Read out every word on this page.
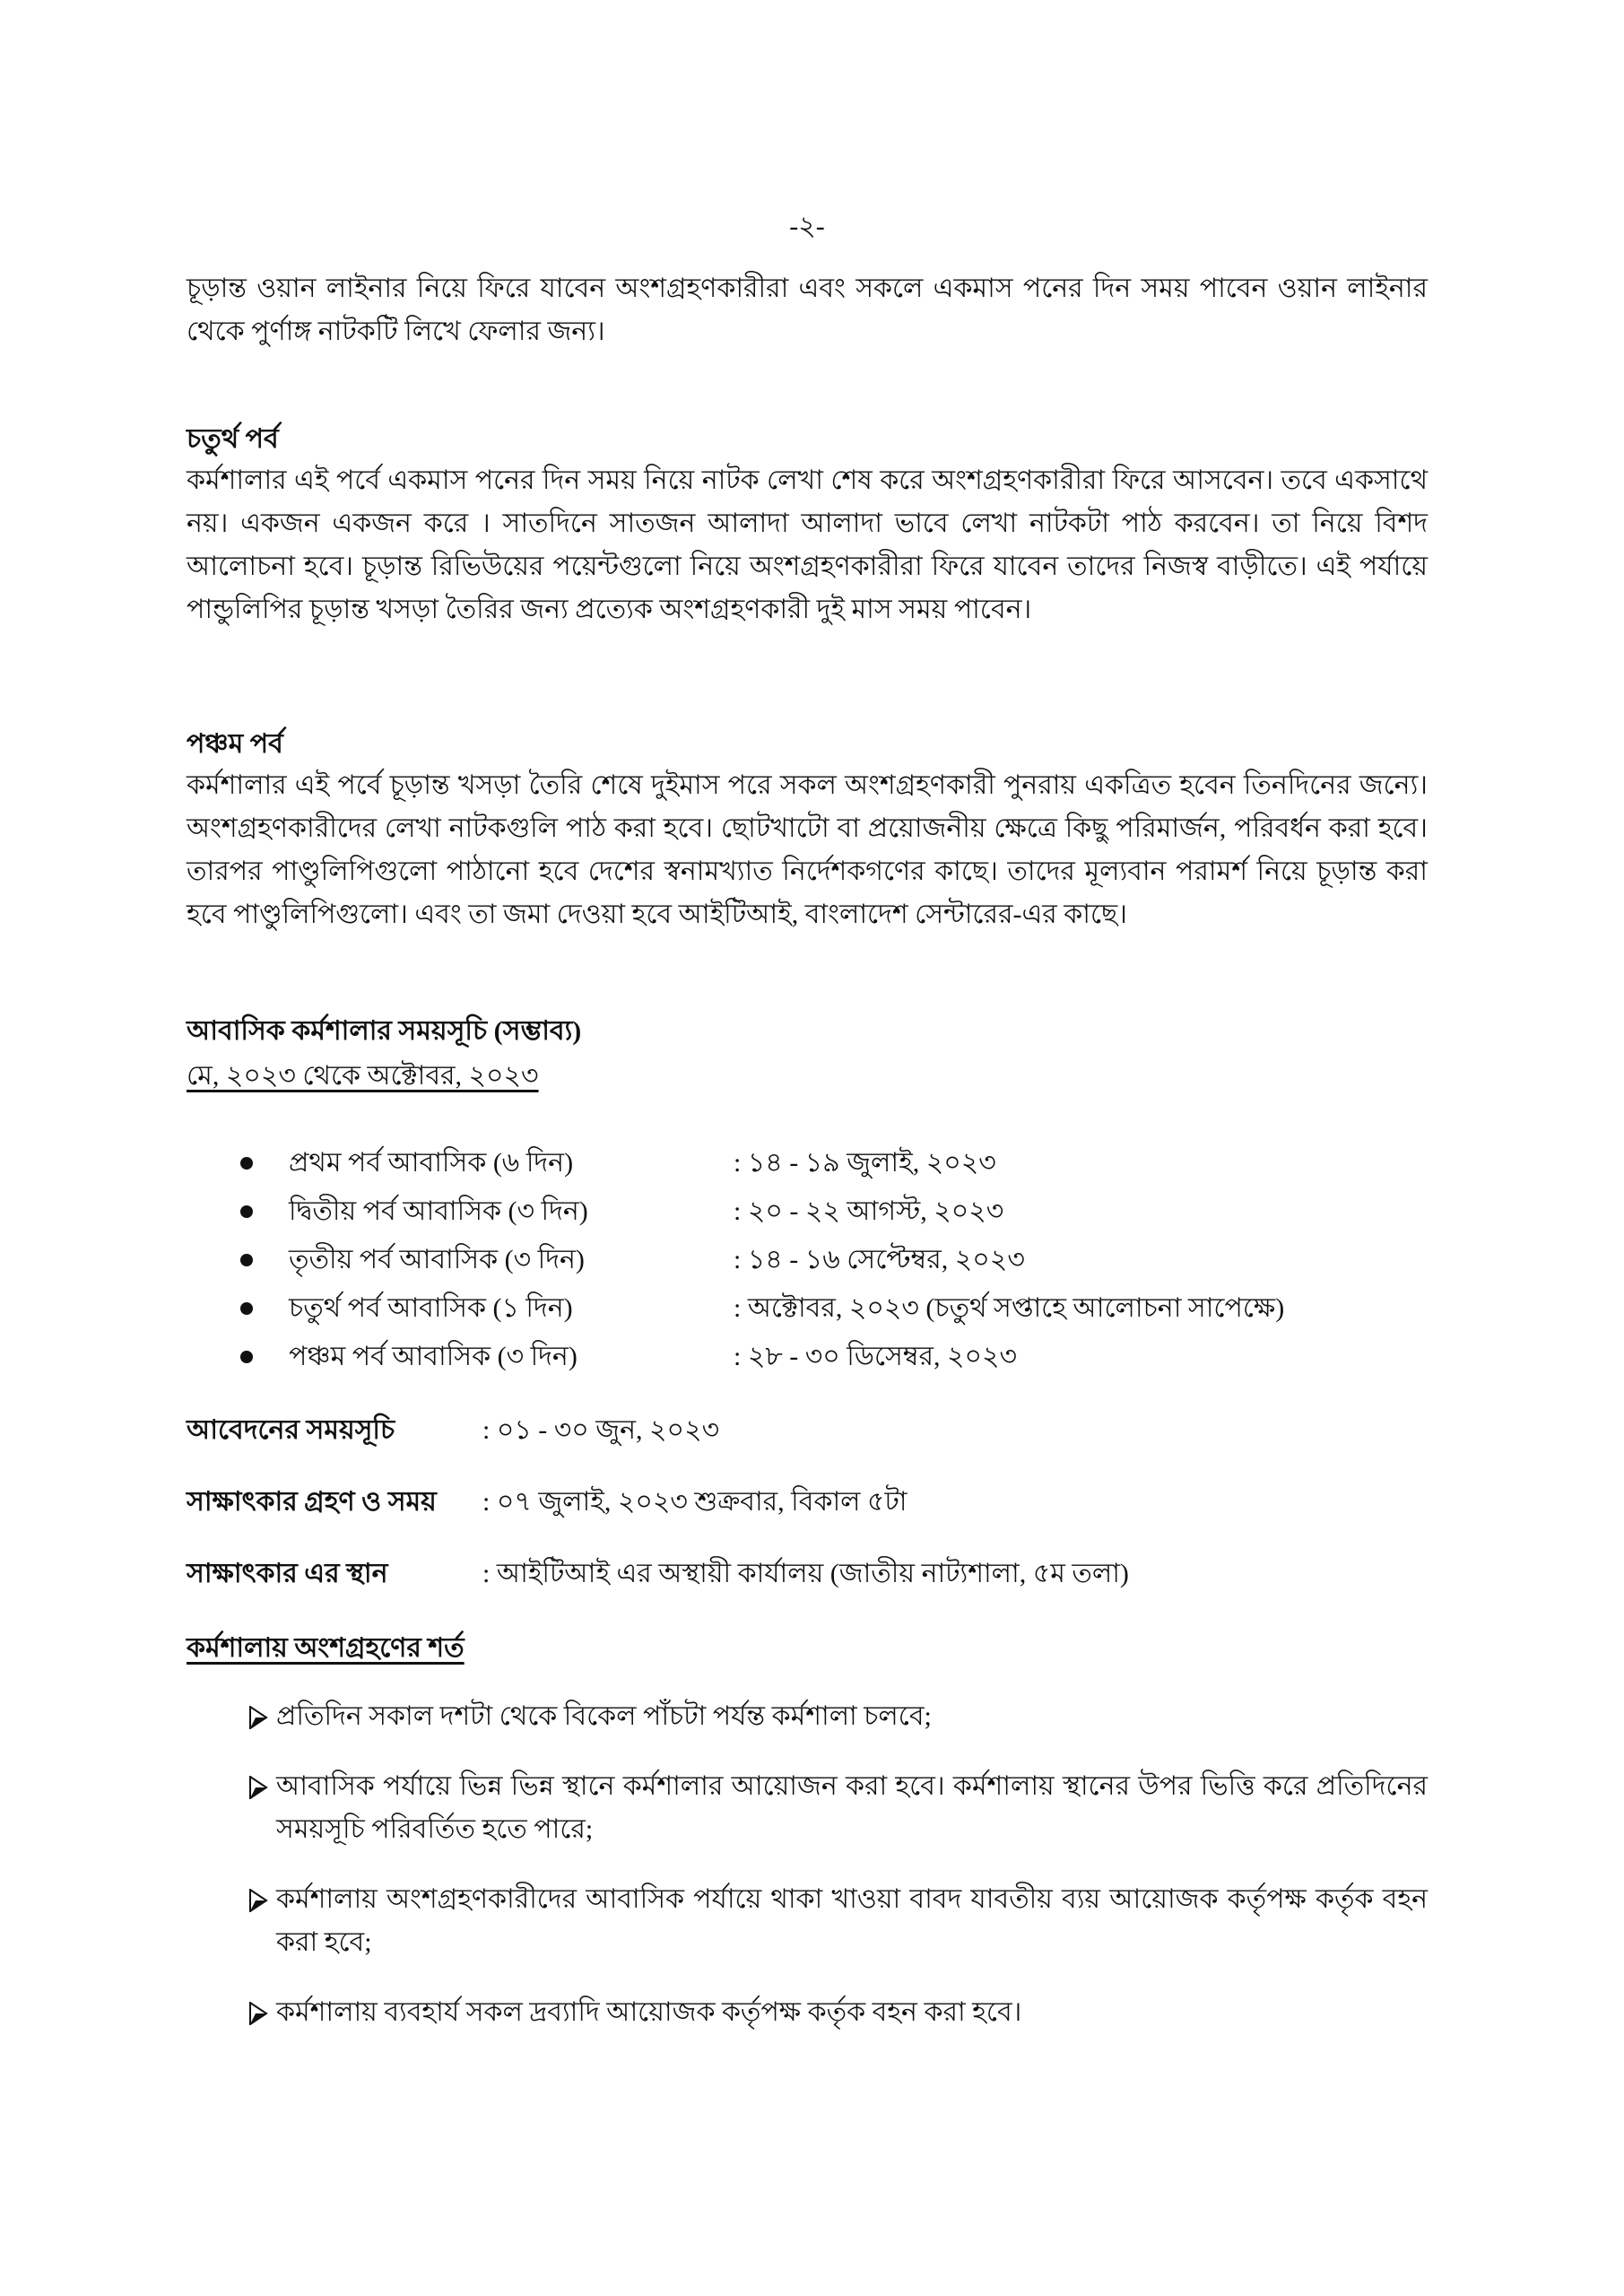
-২-
চূড়ান্ত ওয়ান লাইনার নিয়ে ফিরে যাবেন অংশগ্রহণকারীরা এবং সকলে একমাস পনের দিন সময় পাবেন ওয়ান লাইনার থেকে পুর্ণাঙ্গ নাটকটি লিখে ফেলার জন্য।
চতুর্থ পর্ব
কর্মশালার এই পর্বে একমাস পনের দিন সময় নিয়ে নাটক লেখা শেষ করে অংশগ্রহণকারীরা ফিরে আসবেন। তবে একসাথে নয়। একজন একজন করে । সাতদিনে সাতজন আলাদা আলাদা ভাবে লেখা নাটকটা পাঠ করবেন। তা নিয়ে বিশদ আলোচনা হবে। চূড়ান্ত রিভিউয়ের পয়েন্টগুলো নিয়ে অংশগ্রহণকারীরা ফিরে যাবেন তাদের নিজস্ব বাড়ীতে। এই পর্যায়ে পান্ডুলিপির চূড়ান্ত খসড়া তৈরির জন্য প্রত্যেক অংশগ্রহণকারী দুই মাস সময় পাবেন।
পঞ্চম পর্ব
কর্মশালার এই পর্বে চূড়ান্ত খসড়া তৈরি শেষে দুইমাস পরে সকল অংশগ্রহণকারী পুনরায় একত্রিত হবেন তিনদিনের জন্যে। অংশগ্রহণকারীদের লেখা নাটকগুলি পাঠ করা হবে। ছোটখাটো বা প্রয়োজনীয় ক্ষেত্রে কিছু পরিমার্জন, পরিবর্ধন করা হবে। তারপর পাণ্ডুলিপিগুলো পাঠানো হবে দেশের স্বনামখ্যাত নির্দেশকগণের কাছে। তাদের মূল্যবান পরামর্শ নিয়ে চূড়ান্ত করা হবে পাণ্ডুলিপিগুলো। এবং তা জমা দেওয়া হবে আইটিআই, বাংলাদেশ সেন্টারের-এর কাছে।
আবাসিক কর্মশালার সময়সূচি (সম্ভাব্য)
মে, ২০২৩ থেকে অক্টোবর, ২০২৩
প্রথম পর্ব আবাসিক (৬ দিন)	: ১৪ - ১৯ জুলাই, ২০২৩
দ্বিতীয় পর্ব আবাসিক (৩ দিন)	: ২০ - ২২ আগস্ট, ২০২৩
তৃতীয় পর্ব আবাসিক (৩ দিন)	: ১৪ - ১৬ সেপ্টেম্বর, ২০২৩
চতুর্থ পর্ব আবাসিক (১ দিন)	: অক্টোবর, ২০২৩ (চতুর্থ সপ্তাহে আলোচনা সাপেক্ষে)
পঞ্চম পর্ব আবাসিক (৩ দিন)	: ২৮ - ৩০ ডিসেম্বর, ২০২৩
আবেদনের সময়সূচি	: ০১ - ৩০ জুন, ২০২৩
সাক্ষাৎকার গ্রহণ ও সময়	: ০৭ জুলাই, ২০২৩ শুক্রবার, বিকাল ৫টা
সাক্ষাৎকার এর স্থান	: আইটিআই এর অস্থায়ী কার্যালয় (জাতীয় নাট্যশালা, ৫ম তলা)
কর্মশালায় অংশগ্রহণের শর্ত
প্রতিদিন সকাল দশটা থেকে বিকেল পাঁচটা পর্যন্ত কর্মশালা চলবে;
আবাসিক পর্যায়ে ভিন্ন ভিন্ন স্থানে কর্মশালার আয়োজন করা হবে। কর্মশালায় স্থানের উপর ভিত্তি করে প্রতিদিনের সময়সূচি পরিবর্তিত হতে পারে;
কর্মশালায় অংশগ্রহণকারীদের আবাসিক পর্যায়ে থাকা খাওয়া বাবদ যাবতীয় ব্যয় আয়োজক কর্তৃপক্ষ কর্তৃক বহন করা হবে;
কর্মশালায় ব্যবহার্য সকল দ্রব্যাদি আয়োজক কর্তৃপক্ষ কর্তৃক বহন করা হবে।
